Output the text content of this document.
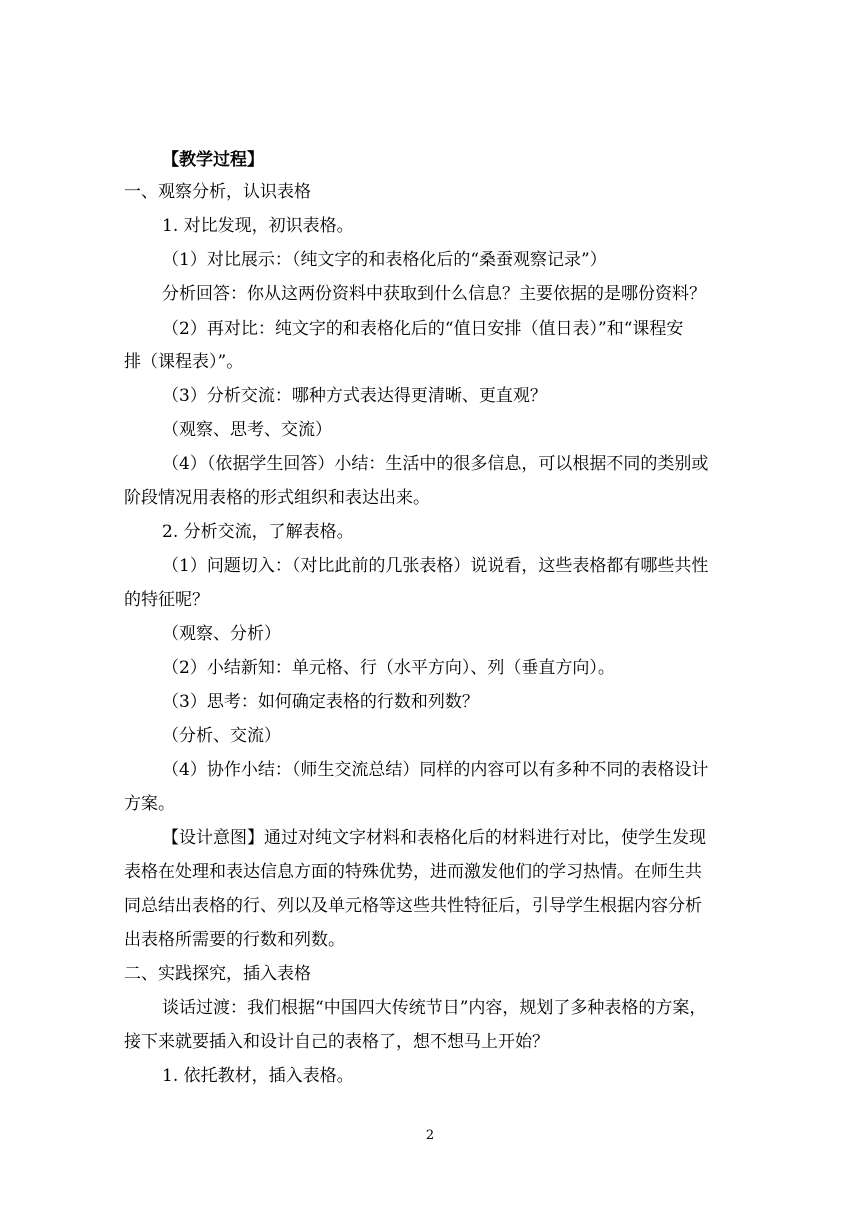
【教学过程】
一、观察分析，认识表格
1. 对比发现，初识表格。
（1）对比展示：（纯文字的和表格化后的“桑蚕观察记录”）
分析回答：你从这两份资料中获取到什么信息？主要依据的是哪份资料？
（2）再对比：纯文字的和表格化后的“值日安排（值日表）”和“课程安
排（课程表）”。
（3）分析交流：哪种方式表达得更清晰、更直观？
（观察、思考、交流）
（4）（依据学生回答）小结：生活中的很多信息，可以根据不同的类别或
阶段情况用表格的形式组织和表达出来。
2. 分析交流，了解表格。
（1）问题切入：（对比此前的几张表格）说说看，这些表格都有哪些共性
的特征呢？
（观察、分析）
（2）小结新知：单元格、行（水平方向）、列（垂直方向）。
（3）思考：如何确定表格的行数和列数？
（分析、交流）
（4）协作小结：（师生交流总结）同样的内容可以有多种不同的表格设计
方案。
【设计意图】通过对纯文字材料和表格化后的材料进行对比，使学生发现
表格在处理和表达信息方面的特殊优势，进而激发他们的学习热情。在师生共
同总结出表格的行、列以及单元格等这些共性特征后，引导学生根据内容分析
出表格所需要的行数和列数。
二、实践探究，插入表格
谈话过渡：我们根据“中国四大传统节日”内容，规划了多种表格的方案，
接下来就要插入和设计自己的表格了，想不想马上开始？
1. 依托教材，插入表格。
2
